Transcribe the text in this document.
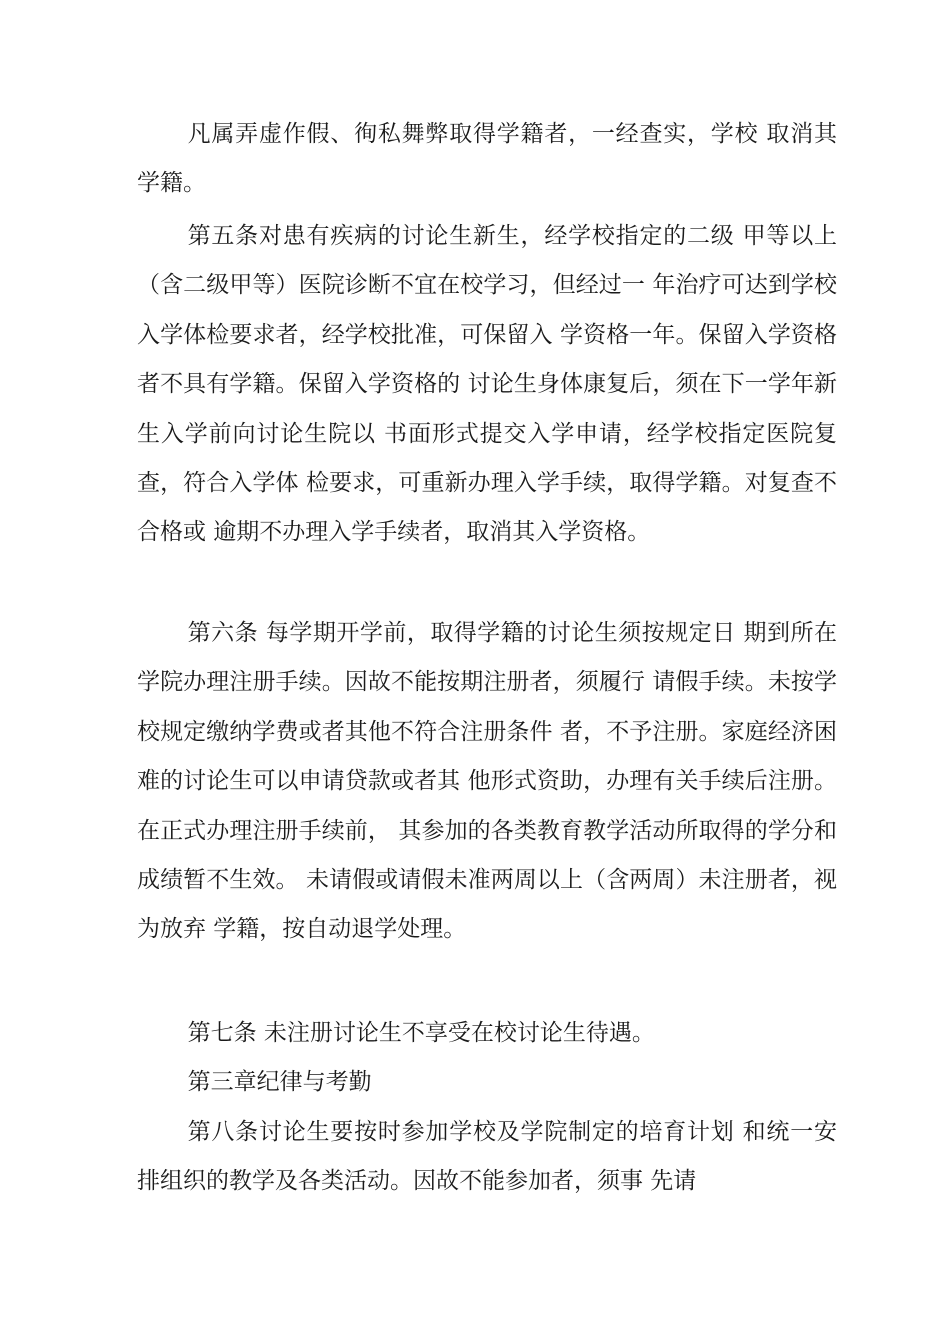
凡属弄虚作假、徇私舞弊取得学籍者，一经查实，学校 取消其学籍。

第五条对患有疾病的讨论生新生，经学校指定的二级 甲等以上（含二级甲等）医院诊断不宜在校学习，但经过一 年治疗可达到学校入学体检要求者，经学校批准，可保留入 学资格一年。保留入学资格者不具有学籍。保留入学资格的 讨论生身体康复后，须在下一学年新生入学前向讨论生院以 书面形式提交入学申请，经学校指定医院复查，符合入学体 检要求，可重新办理入学手续，取得学籍。对复查不合格或 逾期不办理入学手续者，取消其入学资格。

第六条 每学期开学前，取得学籍的讨论生须按规定日 期到所在学院办理注册手续。因故不能按期注册者，须履行 请假手续。未按学校规定缴纳学费或者其他不符合注册条件 者，不予注册。家庭经济困难的讨论生可以申请贷款或者其 他形式资助，办理有关手续后注册。在正式办理注册手续前， 其参加的各类教育教学活动所取得的学分和成绩暂不生效。 未请假或请假未准两周以上（含两周）未注册者，视为放弃 学籍，按自动退学处理。

第七条 未注册讨论生不享受在校讨论生待遇。

第三章纪律与考勤

第八条讨论生要按时参加学校及学院制定的培育计划 和统一安排组织的教学及各类活动。因故不能参加者，须事 先请
